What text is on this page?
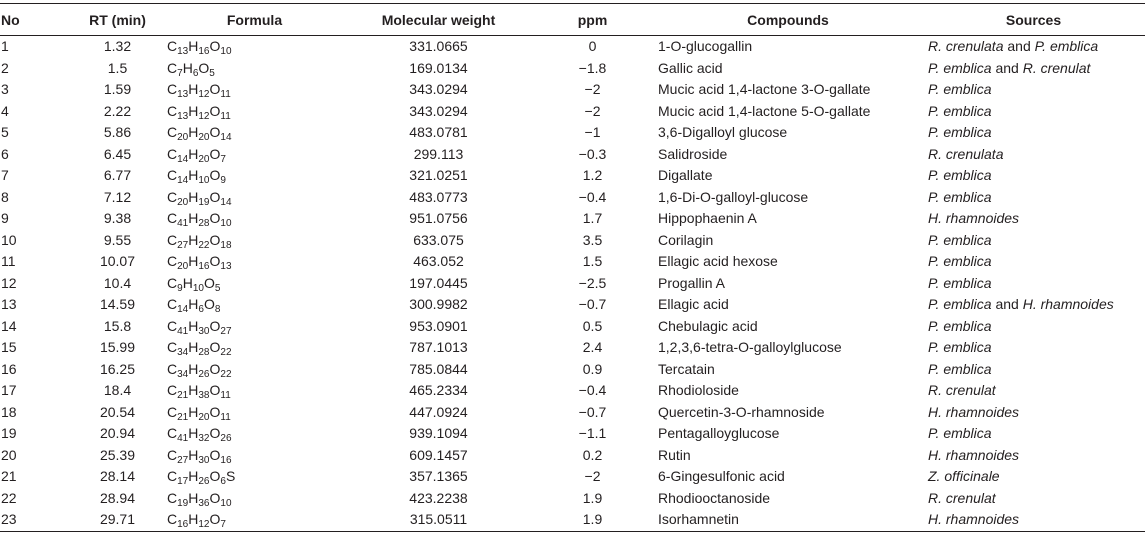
No	RT (min)	Formula	Molecular weight	ppm	Compounds	Sources
1	1.32	$C_{13}H_{16}O_{10}$	331.0665	0	1-O-glucogallin	R. crenulata and P. emblica
2	1.5	$C_7H_6O_5$	169.0134	−1.8	Gallic acid	P. emblica and R. crenulat
3	1.59	$C_{13}H_{12}O_{11}$	343.0294	−2	Mucic acid 1,4-lactone 3-O-gallate	P. emblica
4	2.22	$C_{13}H_{12}O_{11}$	343.0294	−2	Mucic acid 1,4-lactone 5-O-gallate	P. emblica
5	5.86	$C_{20}H_{20}O_{14}$	483.0781	−1	3,6-Digalloyl glucose	P. emblica
6	6.45	$C_{14}H_{20}O_7$	299.113	−0.3	Salidroside	R. crenulata
7	6.77	$C_{14}H_{10}O_9$	321.0251	1.2	Digallate	P. emblica
8	7.12	$C_{20}H_{19}O_{14}$	483.0773	−0.4	1,6-Di-O-galloyl-glucose	P. emblica
9	9.38	$C_{41}H_{28}O_{10}$	951.0756	1.7	Hippophaenin A	H. rhamnoides
10	9.55	$C_{27}H_{22}O_{18}$	633.075	3.5	Corilagin	P. emblica
11	10.07	$C_{20}H_{16}O_{13}$	463.052	1.5	Ellagic acid hexose	P. emblica
12	10.4	$C_9H_{10}O_5$	197.0445	−2.5	Progallin A	P. emblica
13	14.59	$C_{14}H_6O_8$	300.9982	−0.7	Ellagic acid	P. emblica and H. rhamnoides
14	15.8	$C_{41}H_{30}O_{27}$	953.0901	0.5	Chebulagic acid	P. emblica
15	15.99	$C_{34}H_{28}O_{22}$	787.1013	2.4	1,2,3,6-tetra-O-galloylglucose	P. emblica
16	16.25	$C_{34}H_{26}O_{22}$	785.0844	0.9	Tercatain	P. emblica
17	18.4	$C_{21}H_{38}O_{11}$	465.2334	−0.4	Rhodioloside	R. crenulat
18	20.54	$C_{21}H_{20}O_{11}$	447.0924	−0.7	Quercetin-3-O-rhamnoside	H. rhamnoides
19	20.94	$C_{41}H_{32}O_{26}$	939.1094	−1.1	Pentagalloyglucose	P. emblica
20	25.39	$C_{27}H_{30}O_{16}$	609.1457	0.2	Rutin	H. rhamnoides
21	28.14	$C_{17}H_{26}O_6S$	357.1365	−2	6-Gingesulfonic acid	Z. officinale
22	28.94	$C_{19}H_{36}O_{10}$	423.2238	1.9	Rhodiooctanoside	R. crenulat
23	29.71	$C_{16}H_{12}O_7$	315.0511	1.9	Isorhamnetin	H. rhamnoides
